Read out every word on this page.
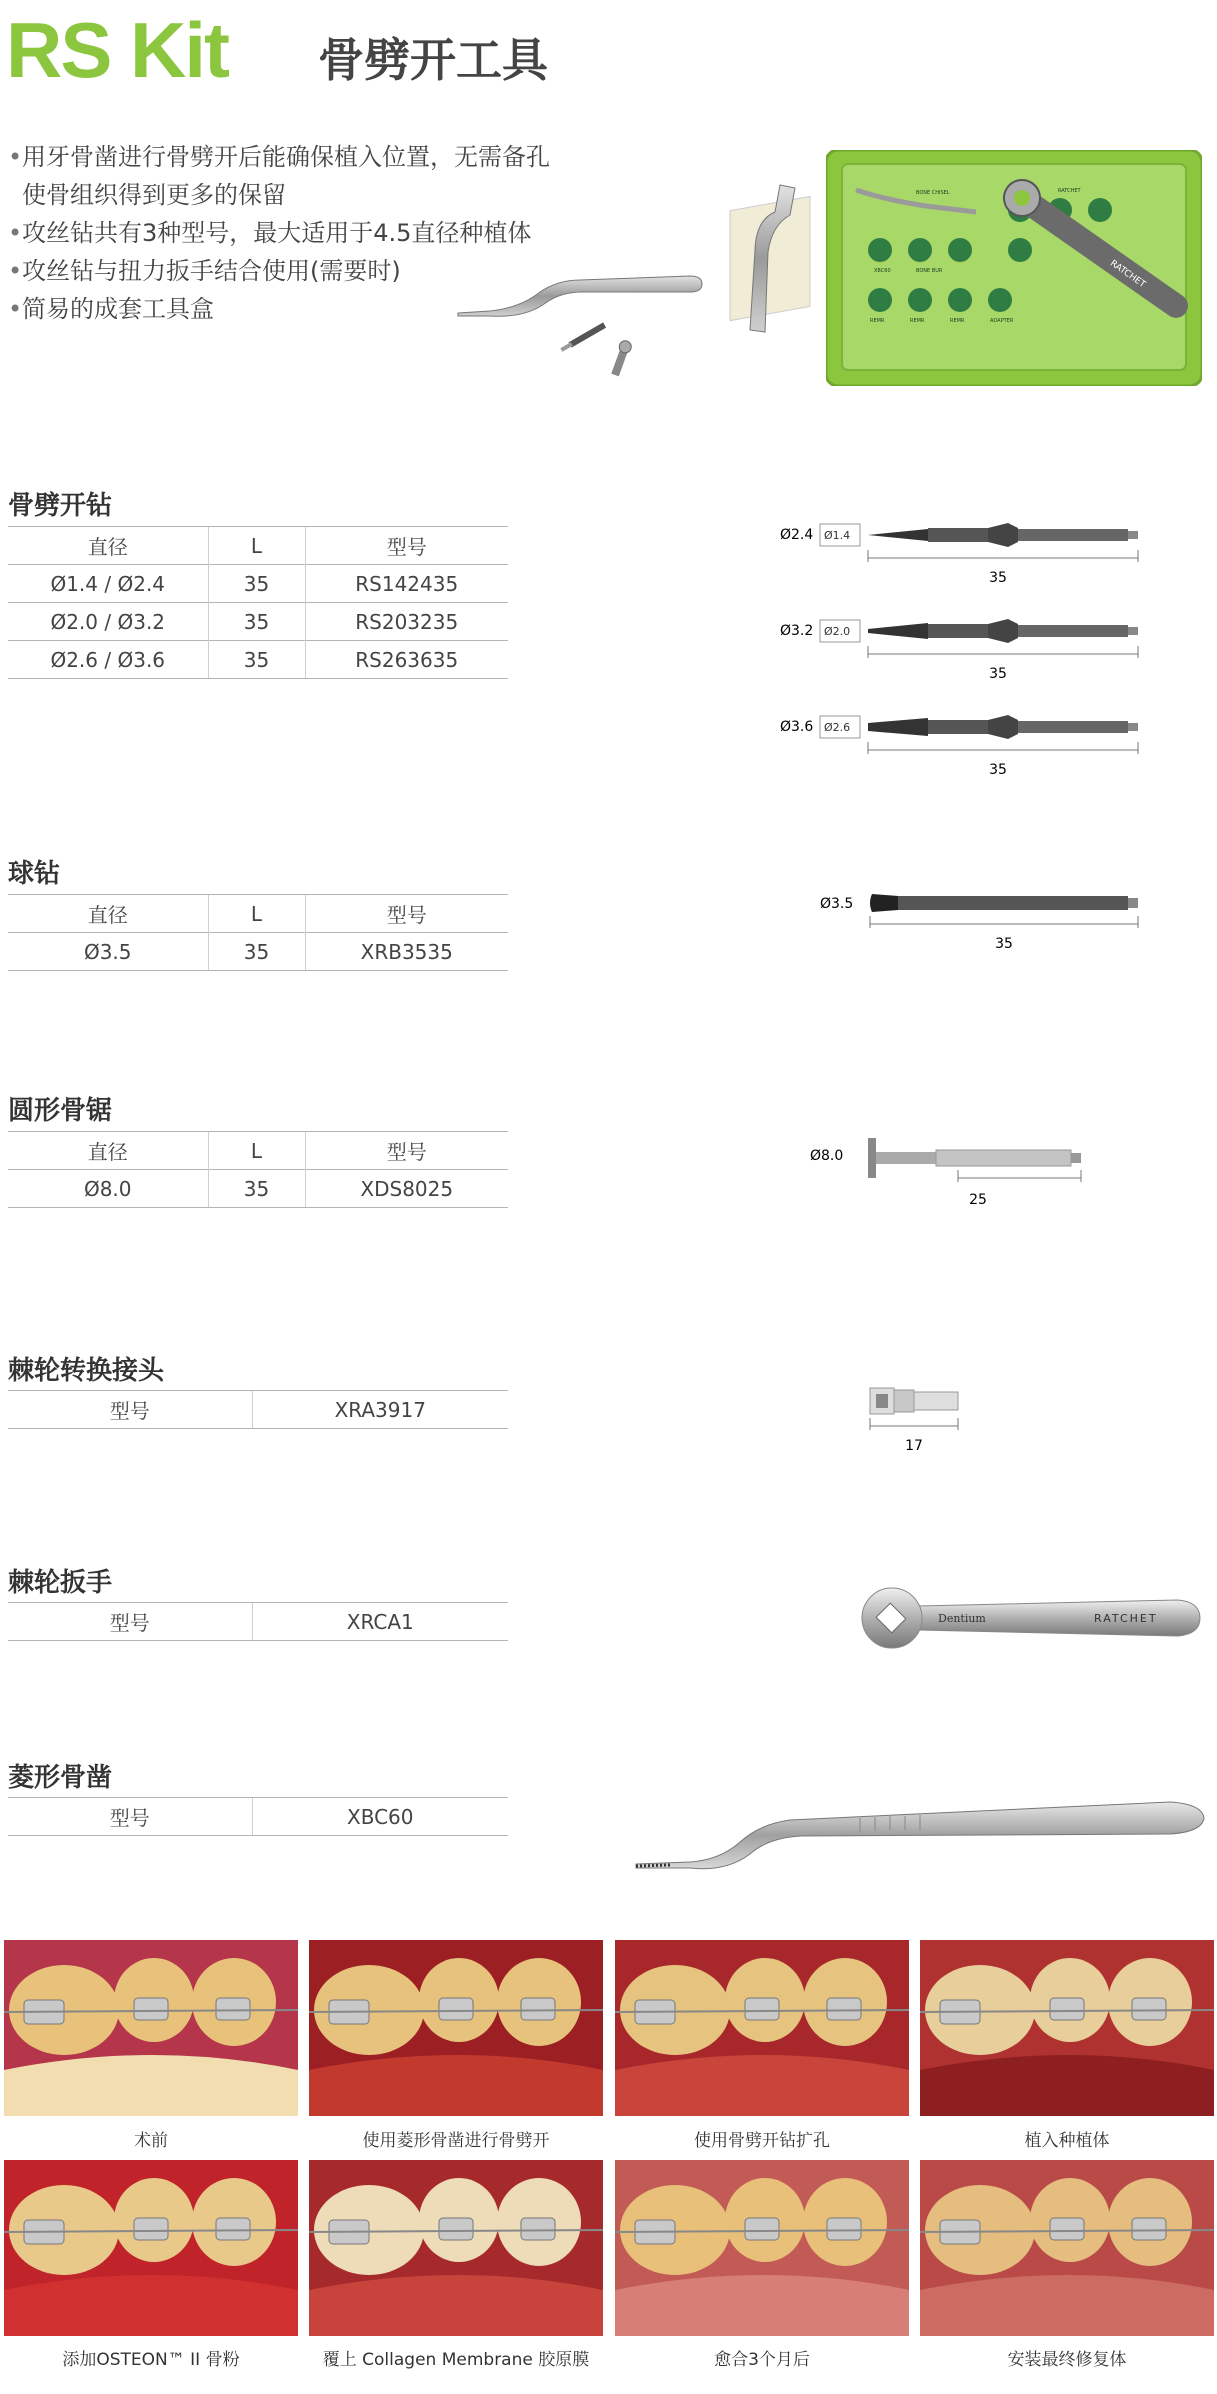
RS Kit 骨劈开工具
•用牙骨凿进行骨劈开后能确保植入位置，无需备孔
使骨组织得到更多的保留
•攻丝钻共有3种型号，最大适用于4.5直径种植体
•攻丝钻与扭力扳手结合使用(需要时)
•简易的成套工具盒
BONE CHISEL	RATCHET
XBC60	BONE BUR
REMR	REMR	REMR	ADAPTER
RATCHET
骨劈开钻
直径	L	型号
Ø1.4 / Ø2.4	35	RS142435
Ø2.0 / Ø3.2	35	RS203235
Ø2.6 / Ø3.6	35	RS263635
Ø2.4 Ø1.4
35
Ø3.2 Ø2.0
35
Ø3.6 Ø2.6
35
球钻
直径	L	型号
Ø3.5	35	XRB3535
Ø3.5
35
圆形骨锯
直径	L	型号
Ø8.0	35	XDS8025
Ø8.0
25
棘轮转换接头
型号	XRA3917
17
棘轮扳手
型号	XRCA1	Dentium	RATCHET
菱形骨凿
型号	XBC60
术前	使用菱形骨凿进行骨劈开	使用骨劈开钻扩孔	植入种植体
添加OSTEON™ II 骨粉	覆上 Collagen Membrane 胶原膜	愈合3个月后	安装最终修复体
